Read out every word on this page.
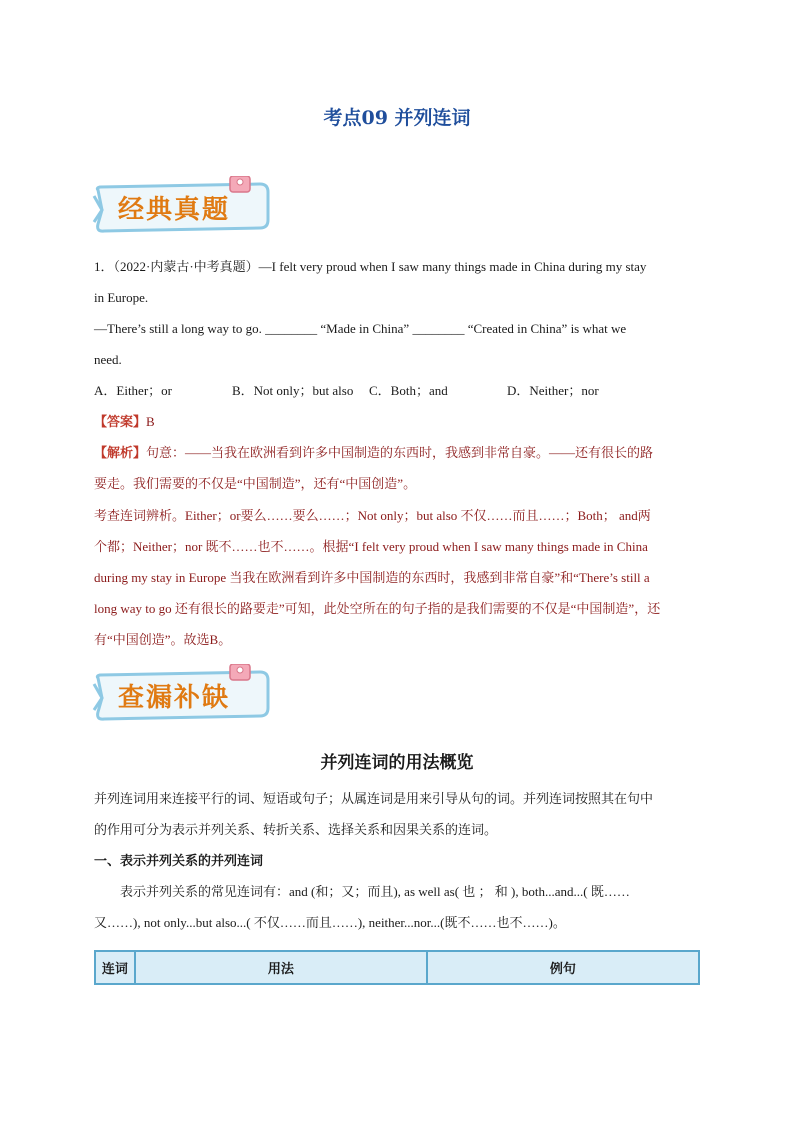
考点09 并列连词
经典真题
1．（2022·内蒙古·中考真题）—I felt very proud when I saw many things made in China during my stay
in Europe.
—There’s still a long way to go. ________ “Made in China” ________ “Created in China” is what we
need.
A．Either；or	B．Not only；but also C．Both；and	D．Neither；nor
【答案】B
【解析】句意：——当我在欧洲看到许多中国制造的东西时，我感到非常自豪。——还有很长的路
要走。我们需要的不仅是“中国制造”，还有“中国创造”。
考查连词辨析。Either；or要么……要么……；Not only；but also 不仅……而且……；Both； and两
个都；Neither；nor 既不……也不……。根据“I felt very proud when I saw many things made in China
during my stay in Europe 当我在欧洲看到许多中国制造的东西时，我感到非常自豪”和“There’s still a
long way to go 还有很长的路要走”可知，此处空所在的句子指的是我们需要的不仅是“中国制造”，还
有“中国创造”。故选B。
查漏补缺
并列连词的用法概览
并列连词用来连接平行的词、短语或句子；从属连词是用来引导从句的词。并列连词按照其在句中
的作用可分为表示并列关系、转折关系、选择关系和因果关系的连词。
一、表示并列关系的并列连词
表示并列关系的常见连词有：and (和；又；而且), as well as( 也 ； 和 ), both...and...( 既……
又……), not only...but also...( 不仅……而且……), neither...nor...(既不……也不……)。
连词	用法	例句
